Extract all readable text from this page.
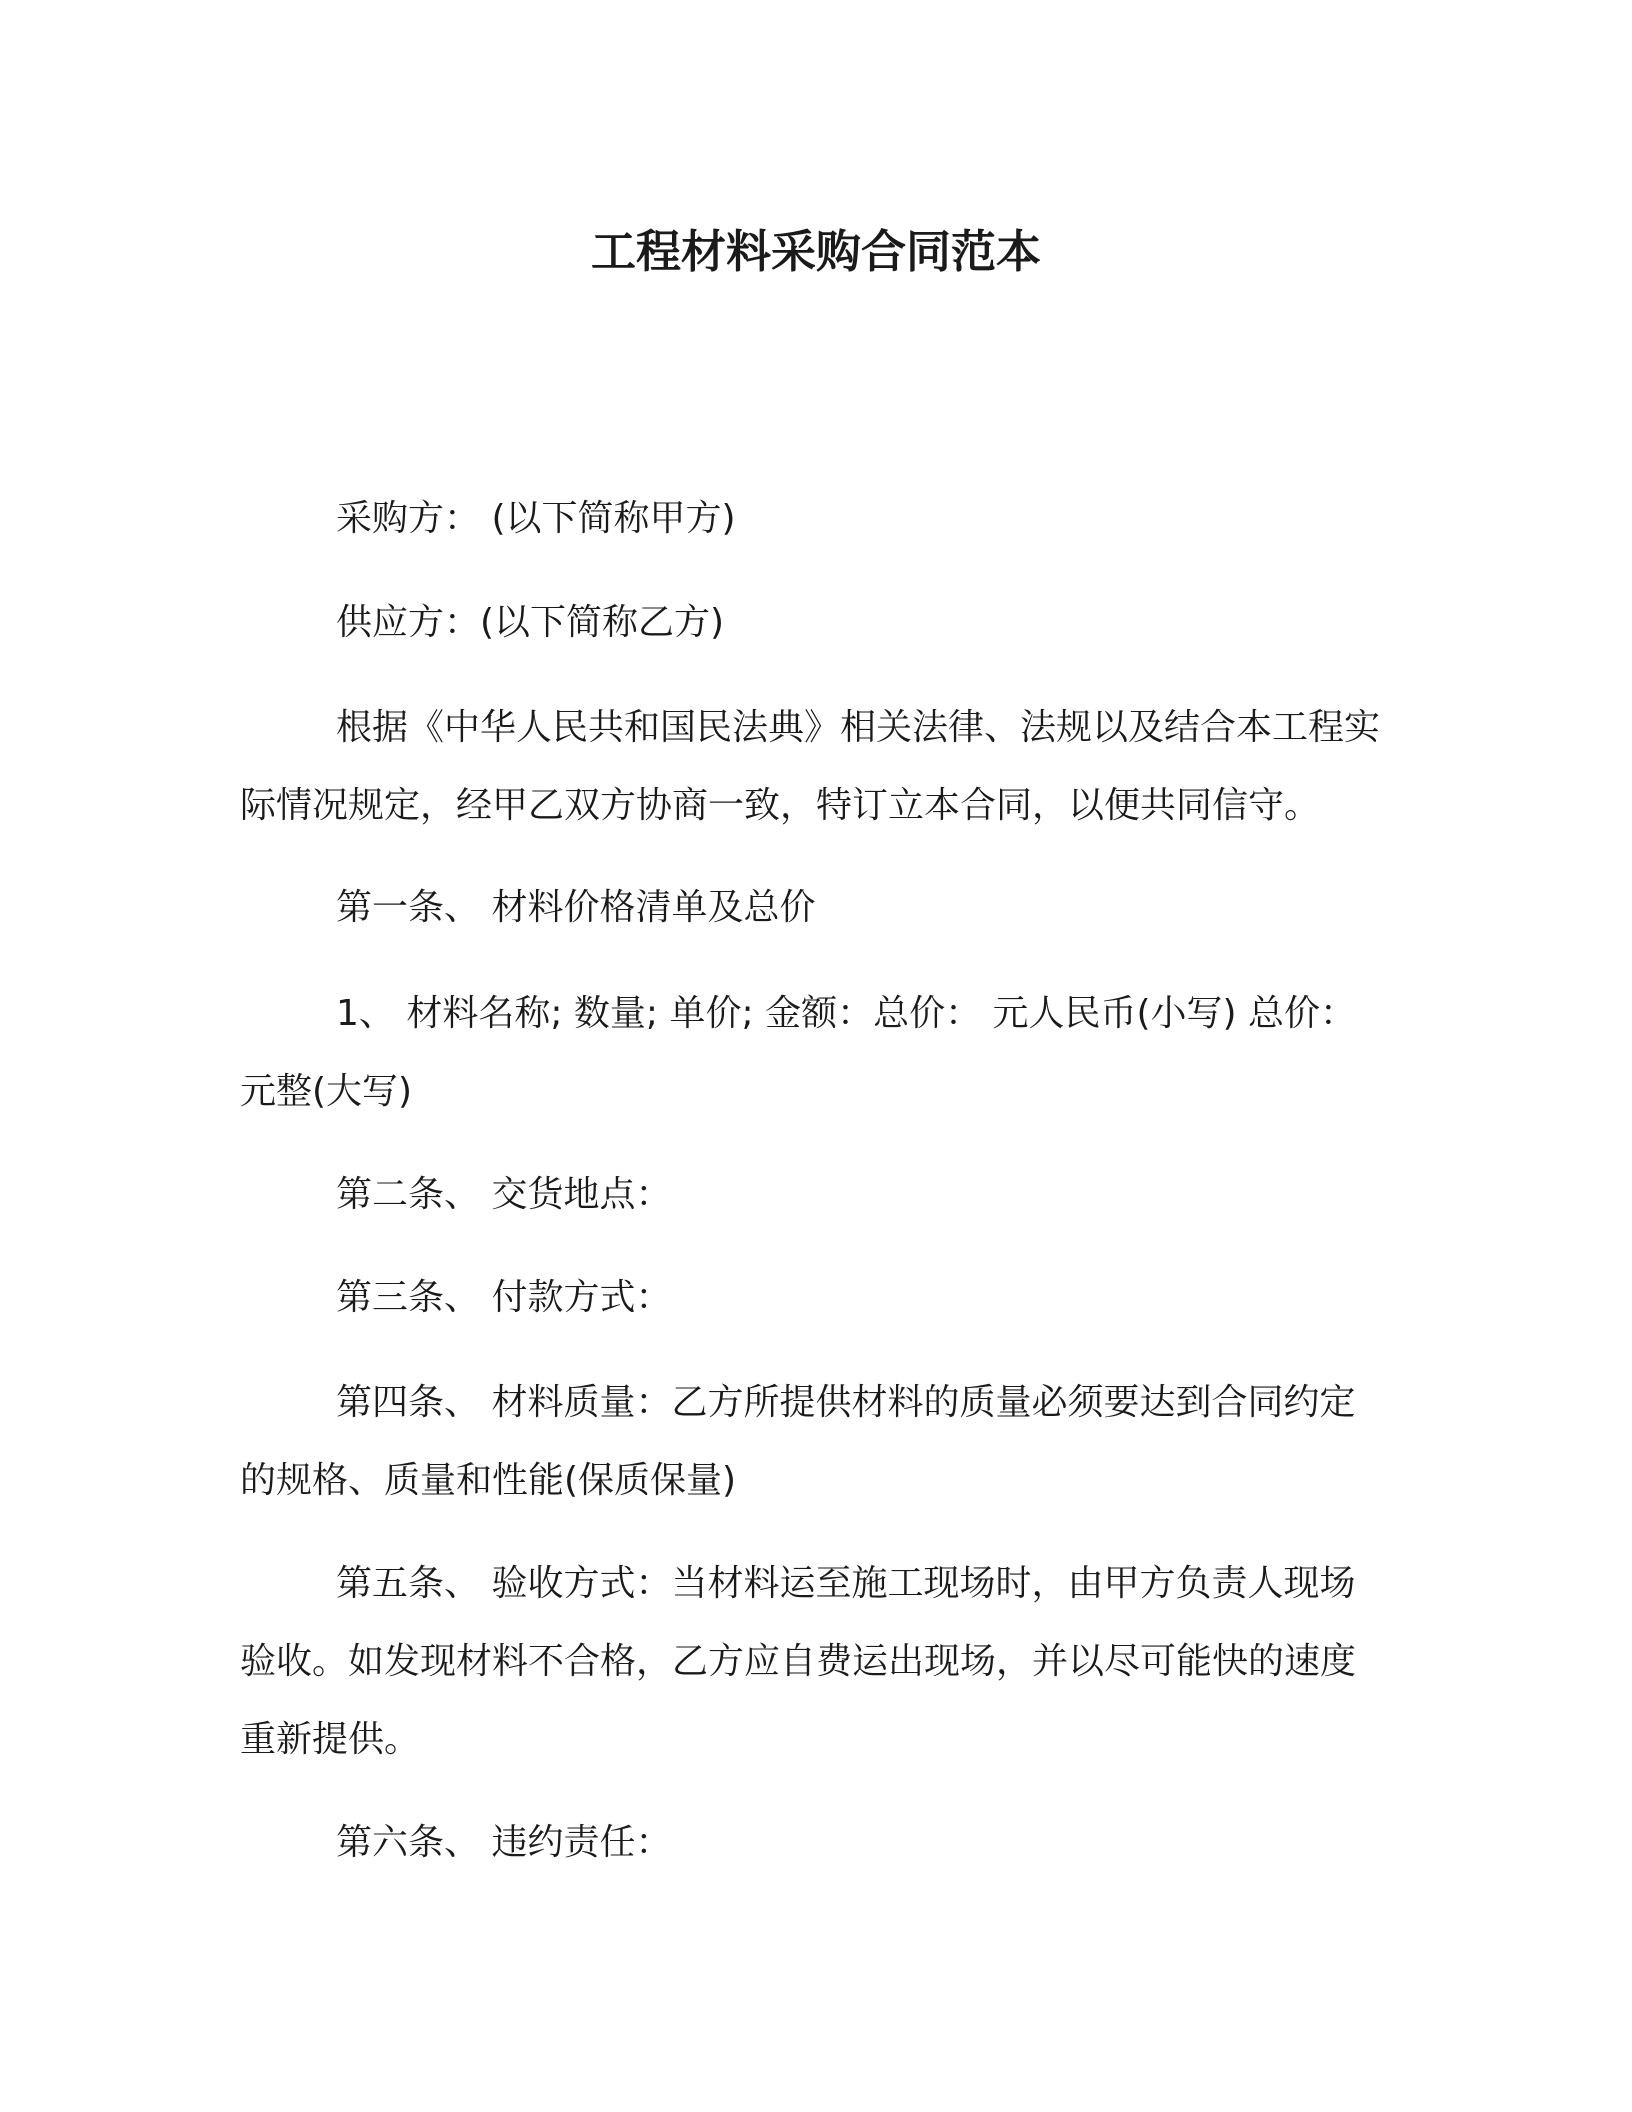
工程材料采购合同范本

采购方： (以下简称甲方)

供应方：(以下简称乙方)

根据《中华人民共和国民法典》相关法律、法规以及结合本工程实际情况规定，经甲乙双方协商一致，特订立本合同，以便共同信守。

第一条、 材料价格清单及总价

1、 材料名称; 数量; 单价; 金额：总价： 元人民币(小写) 总价： 元整(大写)

第二条、 交货地点：

第三条、 付款方式：

第四条、 材料质量：乙方所提供材料的质量必须要达到合同约定的规格、质量和性能(保质保量)

第五条、 验收方式：当材料运至施工现场时，由甲方负责人现场验收。如发现材料不合格，乙方应自费运出现场，并以尽可能快的速度重新提供。

第六条、 违约责任：
